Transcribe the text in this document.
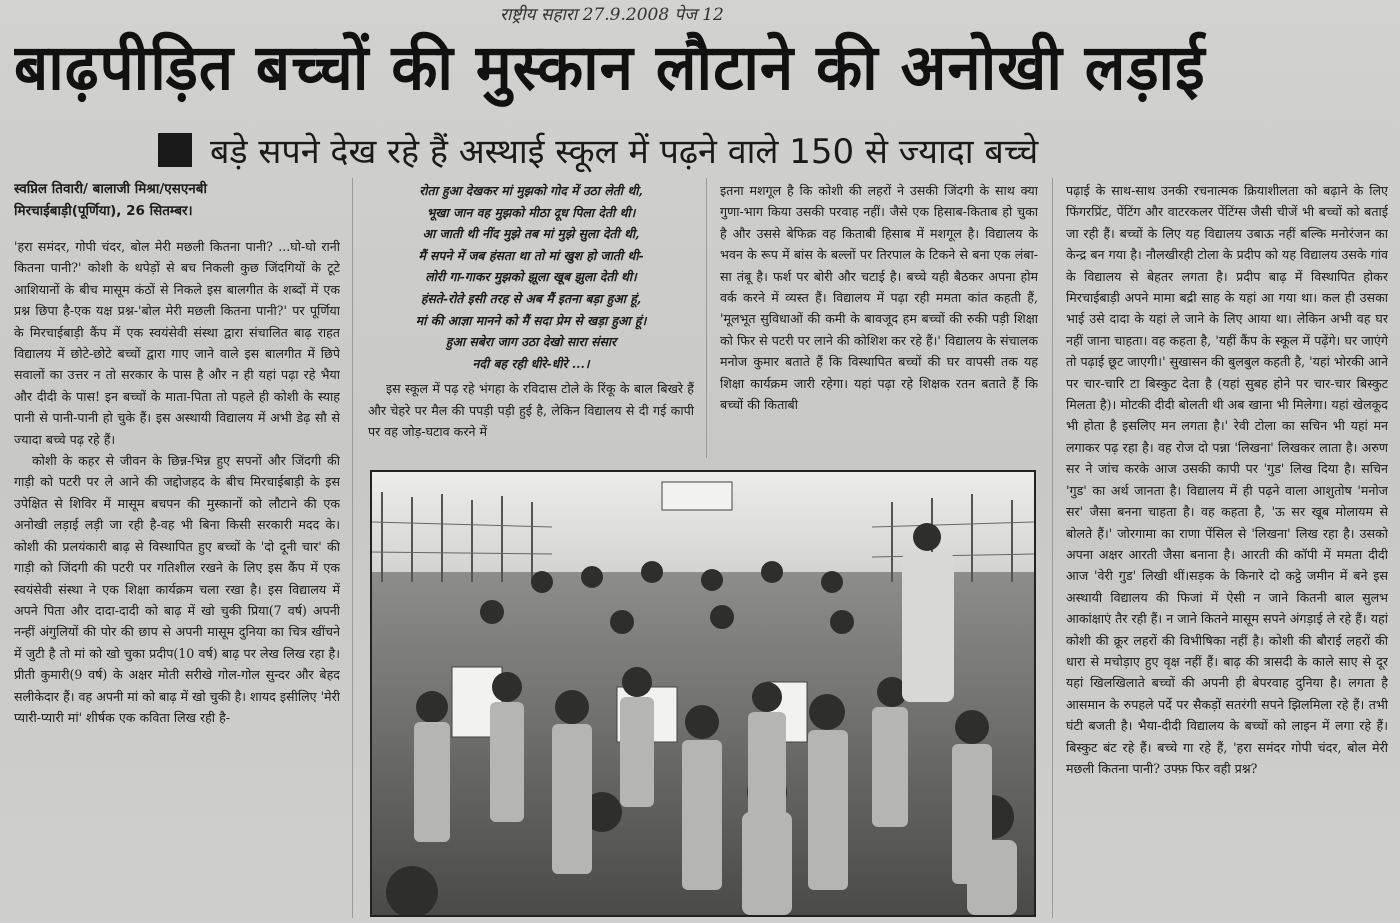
राष्ट्रीय सहारा 27.9.2008 पेज 12
बाढ़पीड़ित बच्चों की मुस्कान लौटाने की अनोखी लड़ाई
बड़े सपने देख रहे हैं अस्थाई स्कूल में पढ़ने वाले 150 से ज्यादा बच्चे
स्वप्निल तिवारी/ बालाजी मिश्रा/एसएनबी
मिरचाईबाड़ी(पूर्णिया), 26 सितम्बर।

'हरा समंदर, गोपी चंदर, बोल मेरी मछली कितना पानी? ...घो-घो रानी कितना पानी?' कोशी के थपेड़ों से बच निकली कुछ जिंदगियों के टूटे आशियानों के बीच मासूम कंठों से निकले इस बालगीत के शब्दों में एक प्रश्न छिपा है-एक यक्ष प्रश्न-'बोल मेरी मछली कितना पानी?' पर पूर्णिया के मिरचाईबाड़ी कैंप में एक स्वयंसेवी संस्था द्वारा संचालित बाढ़ राहत विद्यालय में छोटे-छोटे बच्चों द्वारा गाए जाने वाले इस बालगीत में छिपे सवालों का उत्तर न तो सरकार के पास है और न ही यहां पढ़ा रहे भैया और दीदी के पास! इन बच्चों के माता-पिता तो पहले ही कोशी के स्याह पानी से पानी-पानी हो चुके हैं। इस अस्थायी विद्यालय में अभी डेढ़ सौ से ज्यादा बच्चे पढ़ रहे हैं।

कोशी के कहर से जीवन के छिन्न-भिन्न हुए सपनों और जिंदगी की गाड़ी को पटरी पर ले आने की जद्दोजहद के बीच मिरचाईबाड़ी के इस उपेक्षित से शिविर में मासूम बचपन की मुस्कानों को लौटाने की एक अनोखी लड़ाई लड़ी जा रही है-वह भी बिना किसी सरकारी मदद के। कोशी की प्रलयंकारी बाढ़ से विस्थापित हुए बच्चों के 'दो दूनी चार' की गाड़ी को जिंदगी की पटरी पर गतिशील रखने के लिए इस कैंप में एक स्वयंसेवी संस्था ने एक शिक्षा कार्यक्रम चला रखा है। इस विद्यालय में अपने पिता और दादा-दादी को बाढ़ में खो चुकी प्रिया(7 वर्ष) अपनी नन्हीं अंगुलियों की पोर की छाप से अपनी मासूम दुनिया का चित्र खींचने में जुटी है तो मां को खो चुका प्रदीप(10 वर्ष) बाढ़ पर लेख लिख रहा है। प्रीती कुमारी(9 वर्ष) के अक्षर मोती सरीखे गोल-गोल सुन्दर और बेहद सलीकेदार हैं। वह अपनी मां को बाढ़ में खो चुकी है। शायद इसीलिए 'मेरी प्यारी-प्यारी मां' शीर्षक एक कविता लिख रही है-

रोता हुआ देखकर मां मुझको गोद में उठा लेती थी,
भूखा जान वह मुझको मीठा दूध पिला देती थी।
आ जाती थी नींद मुझे तब मां मुझे सुला देती थी,
मैं सपने में जब हंसता था तो मां खुश हो जाती थी-
लोरी गा-गाकर मुझको झूला खूब झुला देती थी।
हंसते-रोते इसी तरह से अब मैं इतना बड़ा हुआ हूं,
मां की आज्ञा मानने को मैं सदा प्रेम से खड़ा हुआ हूं।
हुआ सबेरा जाग उठा देखो सारा संसार
नदी बह रही धीरे-धीरे ...।

इस स्कूल में पढ़ रहे भंगहा के रविदास टोले के रिंकू के बाल बिखरे हैं और चेहरे पर मैल की पपड़ी पड़ी हुई है, लेकिन विद्यालय से दी गई कापी पर वह जोड़-घटाव करने में

इतना मशगूल है कि कोशी की लहरों ने उसकी जिंदगी के साथ क्या गुणा-भाग किया उसकी परवाह नहीं। जैसे एक हिसाब-किताब हो चुका है और उससे बेफिक्र वह किताबी हिसाब में मशगूल है। विद्यालय के भवन के रूप में बांस के बल्लों पर तिरपाल के टिकने से बना एक लंबा-सा तंबू है। फर्श पर बोरी और चटाई है। बच्चे यही बैठकर अपना होम वर्क करने में व्यस्त हैं। विद्यालय में पढ़ा रही ममता कांत कहती हैं, 'मूलभूत सुविधाओं की कमी के बावजूद हम बच्चों की रुकी पड़ी शिक्षा को फिर से पटरी पर लाने की कोशिश कर रहे हैं।' विद्यालय के संचालक मनोज कुमार बताते हैं कि विस्थापित बच्चों की घर वापसी तक यह शिक्षा कार्यक्रम जारी रहेगा। यहां पढ़ा रहे शिक्षक रतन बताते हैं कि बच्चों की किताबी

पढ़ाई के साथ-साथ उनकी रचनात्मक क्रियाशीलता को बढ़ाने के लिए फिंगरप्रिंट, पेंटिंग और वाटरकलर पेंटिंग्स जैसी चीजें भी बच्चों को बताई जा रही हैं। बच्चों के लिए यह विद्यालय उबाऊ नहीं बल्कि मनोरंजन का केन्द्र बन गया है। नौलखीरही टोला के प्रदीप को यह विद्यालय उसके गांव के विद्यालय से बेहतर लगता है। प्रदीप बाढ़ में विस्थापित होकर मिरचाईबाड़ी अपने मामा बद्री साह के यहां आ गया था। कल ही उसका भाई उसे दादा के यहां ले जाने के लिए आया था। लेकिन अभी वह घर नहीं जाना चाहता। वह कहता है, 'यहीं कैंप के स्कूल में पढ़ेंगे। घर जाएंगे तो पढ़ाई छूट जाएगी।' सुखासन की बुलबुल कहती है, 'यहां भोरकी आने पर चार-चारि टा बिस्कुट देता है (यहां सुबह होने पर चार-चार बिस्कुट मिलता है)। मोटकी दीदी बोलती थी अब खाना भी मिलेगा। यहां खेलकूद भी होता है इसलिए मन लगता है।' रेवी टोला का सचिन भी यहां मन लगाकर पढ़ रहा है। वह रोज दो पन्ना 'लिखना' लिखकर लाता है। अरुण सर ने जांच करके आज उसकी कापी पर 'गुड' लिख दिया है। सचिन 'गुड' का अर्थ जानता है। विद्यालय में ही पढ़ने वाला आशुतोष 'मनोज सर' जैसा बनना चाहता है। वह कहता है, 'ऊ सर खूब मोलायम से बोलते हैं।' जोरगामा का राणा पेंसिल से 'लिखना' लिख रहा है। उसको अपना अक्षर आरती जैसा बनाना है। आरती की कॉपी में ममता दीदी आज 'वेरी गुड' लिखी थीं।सड़क के किनारे दो कट्ठे जमीन में बने इस अस्थायी विद्यालय की फिजां में ऐसी न जाने कितनी बाल सुलभ आकांक्षाएं तैर रही हैं। न जाने कितने मासूम सपने अंगड़ाई ले रहे हैं। यहां कोशी की क्रूर लहरों की विभीषिका नहीं है। कोशी की बौराई लहरों की धारा से मचोड़ाए हुए वृक्ष नहीं हैं। बाढ़ की त्रासदी के काले साए से दूर यहां खिलखिलाते बच्चों की अपनी ही बेपरवाह दुनिया है। लगता है आसमान के रुपहले पर्दे पर सैकड़ों सतरंगी सपने झिलमिला रहे हैं। तभी घंटी बजती है। भैया-दीदी विद्यालय के बच्चों को लाइन में लगा रहे हैं। बिस्कुट बंट रहे हैं। बच्चे गा रहे हैं, 'हरा समंदर गोपी चंदर, बोल मेरी मछली कितना पानी? उफ्फ़ फिर वही प्रश्न?
